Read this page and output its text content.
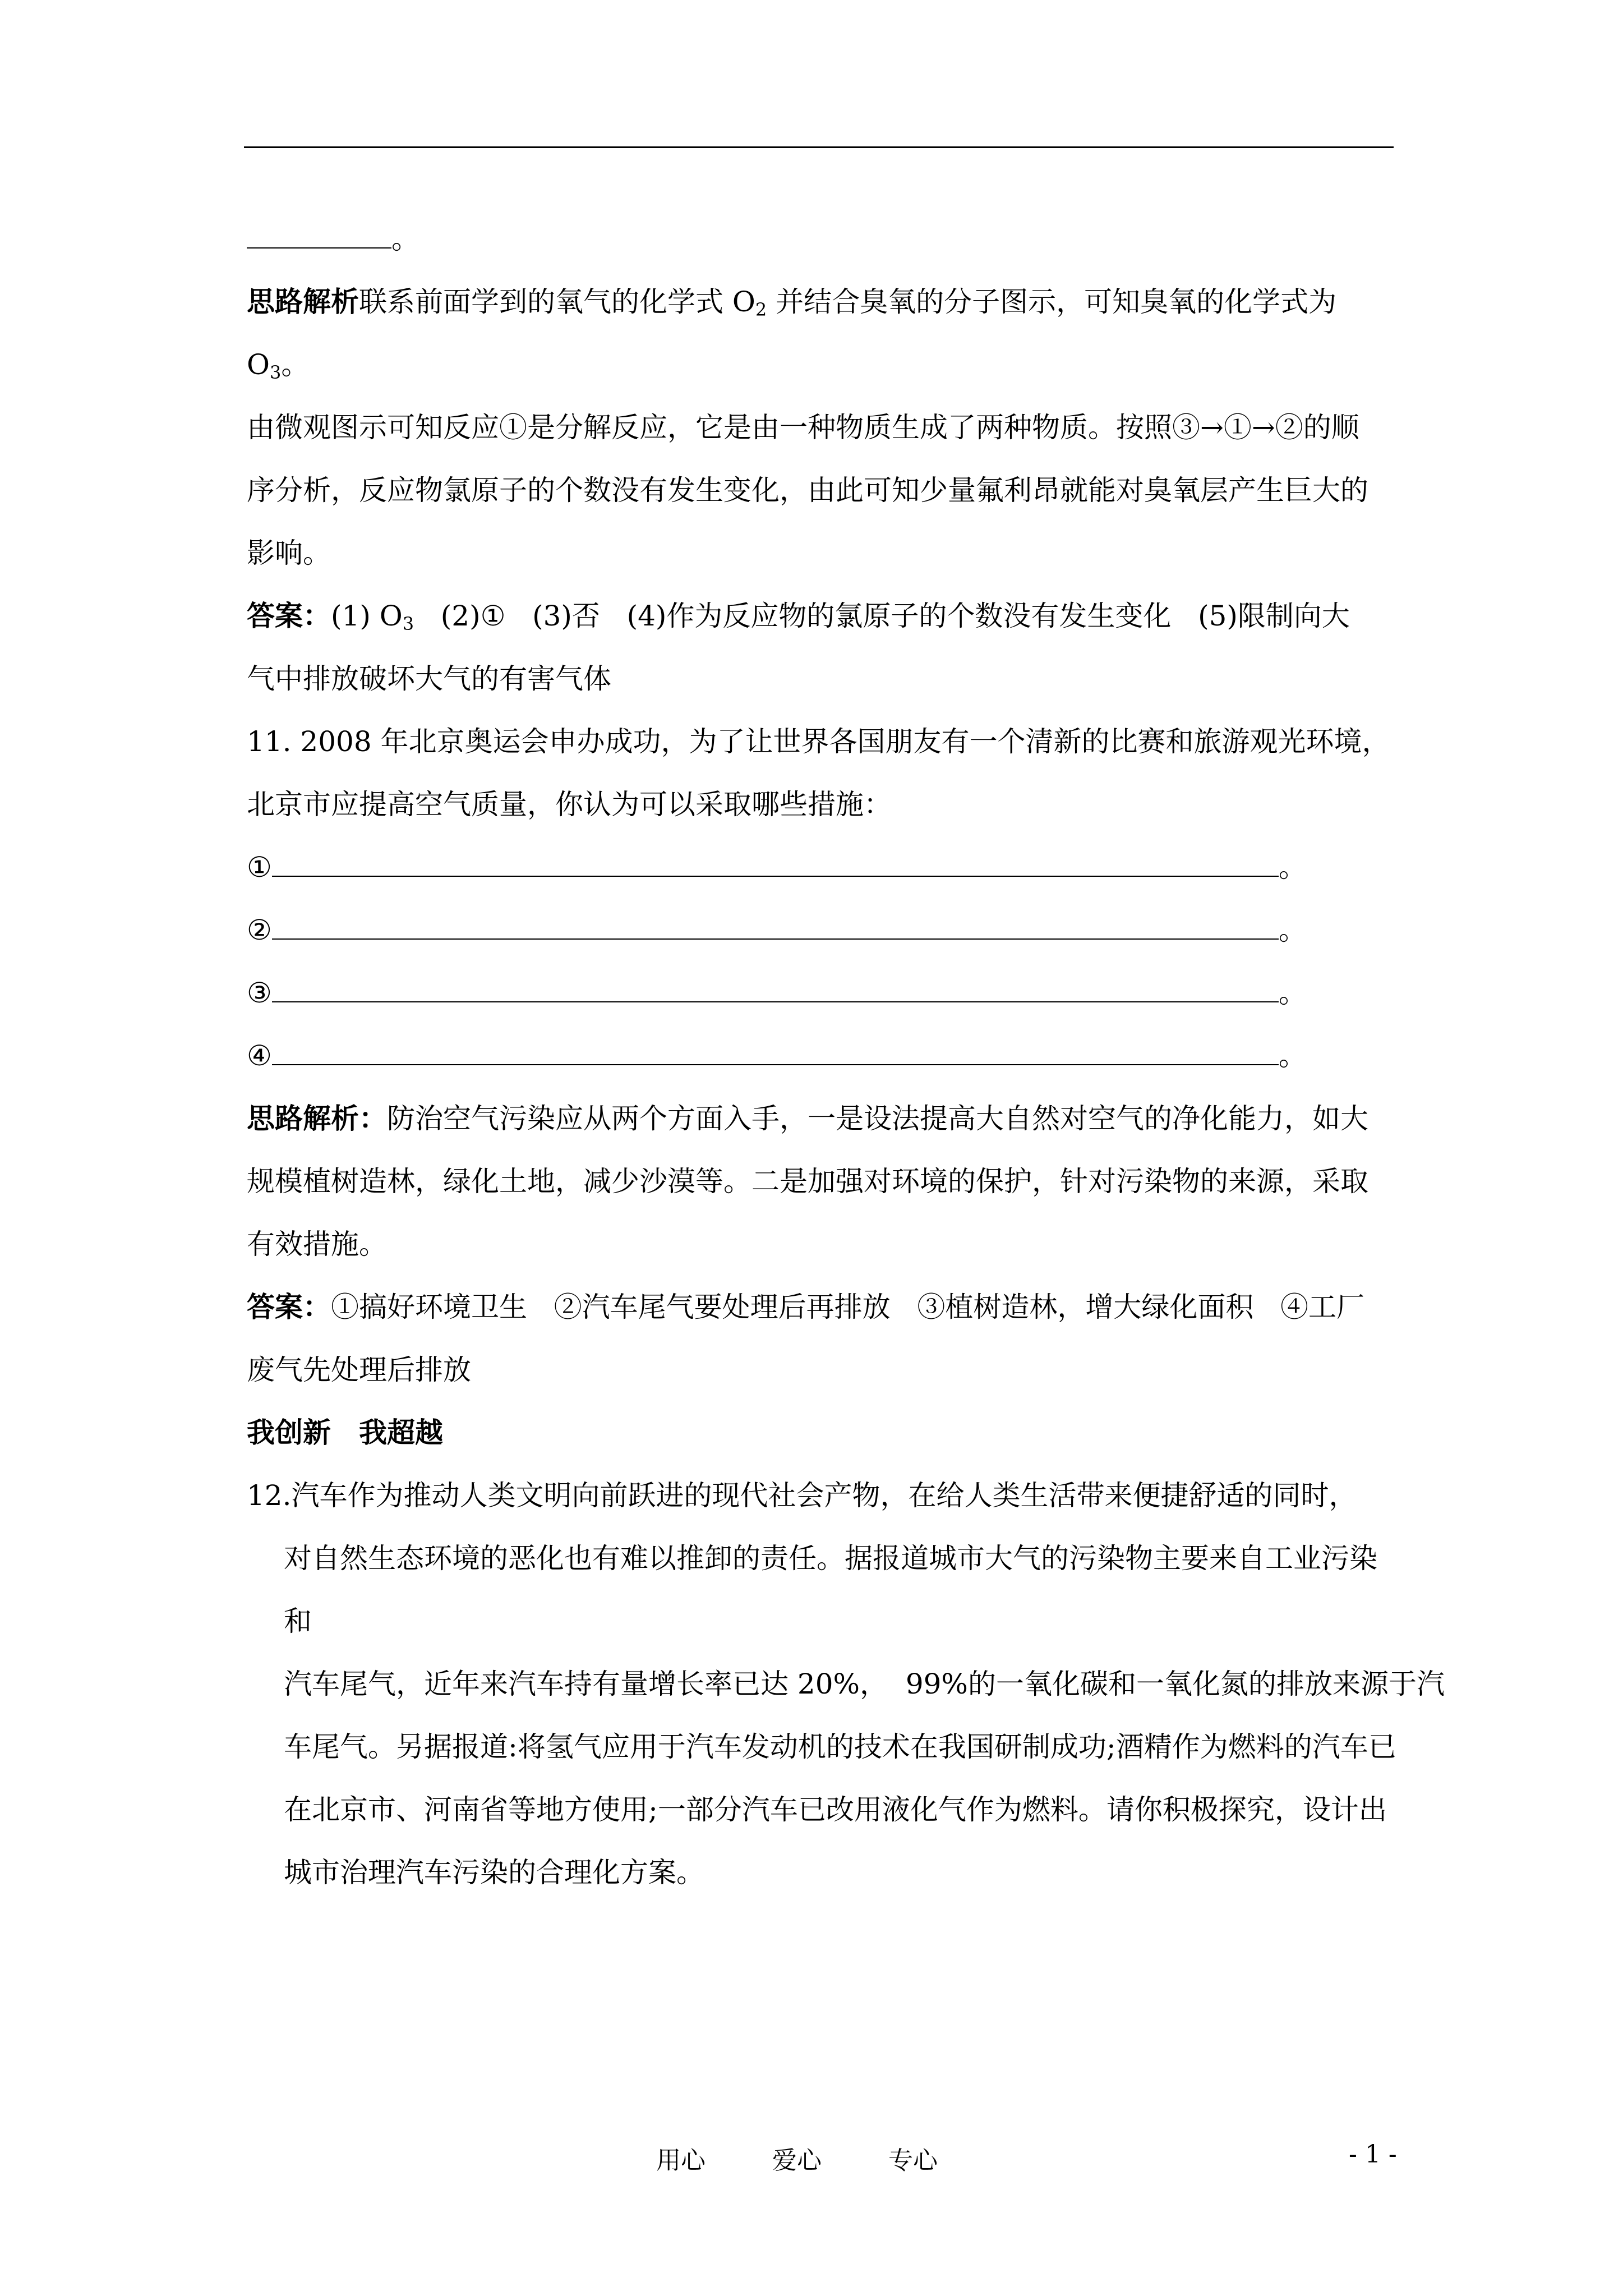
。

思路解析联系前面学到的氧气的化学式 $O_2$ 并结合臭氧的分子图示，可知臭氧的化学式为 $O_3$。

由微观图示可知反应①是分解反应，它是由一种物质生成了两种物质。按照③→①→②的顺

序分析，反应物氯原子的个数没有发生变化，由此可知少量氟利昂就能对臭氧层产生巨大的

影响。

答案：(1) $O_3$   (2)①   (3)否   (4)作为反应物的氯原子的个数没有发生变化   (5)限制向大

气中排放破坏大气的有害气体

11. 2008 年北京奥运会申办成功，为了让世界各国朋友有一个清新的比赛和旅游观光环境，

北京市应提高空气质量，你认为可以采取哪些措施：

①	。

②	。

③	。

④	。

思路解析：防治空气污染应从两个方面入手，一是设法提高大自然对空气的净化能力，如大

规模植树造林，绿化土地，减少沙漠等。二是加强对环境的保护，针对污染物的来源，采取

有效措施。

答案：①搞好环境卫生   ②汽车尾气要处理后再排放   ③植树造林，增大绿化面积   ④工厂

废气先处理后排放

我创新　我超越

12.汽车作为推动人类文明向前跃进的现代社会产物，在给人类生活带来便捷舒适的同时，

对自然生态环境的恶化也有难以推卸的责任。据报道城市大气的污染物主要来自工业污染和

汽车尾气，近年来汽车持有量增长率已达 20%，  99%的一氧化碳和一氧化氮的排放来源于汽

车尾气。另据报道:将氢气应用于汽车发动机的技术在我国研制成功;酒精作为燃料的汽车已

在北京市、河南省等地方使用;一部分汽车已改用液化气作为燃料。请你积极探究，设计出

城市治理汽车污染的合理化方案。

用心	爱心	专心	- 1 -
